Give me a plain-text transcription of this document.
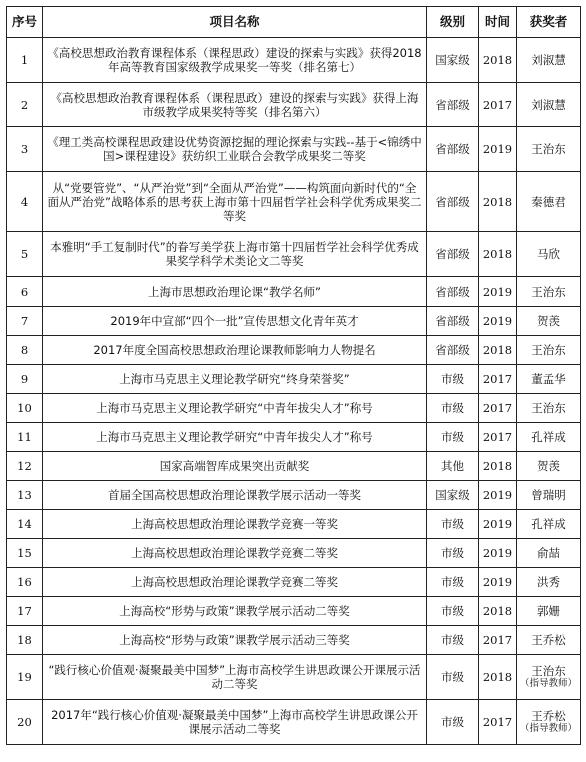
序号	项目名称	级别	时间	获奖者
1	《高校思想政治教育课程体系（课程思政）建设的探索与实践》获得2018年高等教育国家级教学成果奖一等奖（排名第七）	国家级	2018	刘淑慧
2	《高校思想政治教育课程体系（课程思政）建设的探索与实践》获得上海市级教学成果奖特等奖（排名第六）	省部级	2017	刘淑慧
3	《理工类高校课程思政建设优势资源挖掘的理论探索与实践--基于<锦绣中国>课程建设》获纺织工业联合会教学成果奖二等奖	省部级	2019	王治东
4	从“党要管党”、“从严治党”到“全面从严治党”——构筑面向新时代的“全面从严治党”战略体系的思考获上海市第十四届哲学社会科学优秀成果奖二等奖	省部级	2018	秦德君
5	本雅明“手工复制时代”的眷写美学获上海市第十四届哲学社会科学优秀成果奖学科学术类论文二等奖	省部级	2018	马欣
6	上海市思想政治理论课“教学名师”	省部级	2019	王治东
7	2019年中宣部“四个一批”宣传思想文化青年英才	省部级	2019	贺羡
8	2017年度全国高校思想政治理论课教师影响力人物提名	省部级	2018	王治东
9	上海市马克思主义理论教学研究“终身荣誉奖”	市级	2017	董孟华
10	上海市马克思主义理论教学研究“中青年拔尖人才”称号	市级	2017	王治东
11	上海市马克思主义理论教学研究“中青年拔尖人才”称号	市级	2017	孔祥成
12	国家高端智库成果突出贡献奖	其他	2018	贺羡
13	首届全国高校思想政治理论课教学展示活动一等奖	国家级	2019	曾瑞明
14	上海高校思想政治理论课教学竞赛一等奖	市级	2019	孔祥成
15	上海高校思想政治理论课教学竞赛二等奖	市级	2019	俞喆
16	上海高校思想政治理论课教学竞赛二等奖	市级	2019	洪秀
17	上海高校“形势与政策”课教学展示活动二等奖	市级	2018	郭姗
18	上海高校“形势与政策”课教学展示活动三等奖	市级	2017	王乔松
19	“践行核心价值观·凝聚最美中国梦”上海市高校学生讲思政课公开课展示活动二等奖	市级	2018	王治东
（指导教师）

20	2017年“践行核心价值观·凝聚最美中国梦”上海市高校学生讲思政课公开课展示活动二等奖	市级	2017	王乔松
（指导教师）
